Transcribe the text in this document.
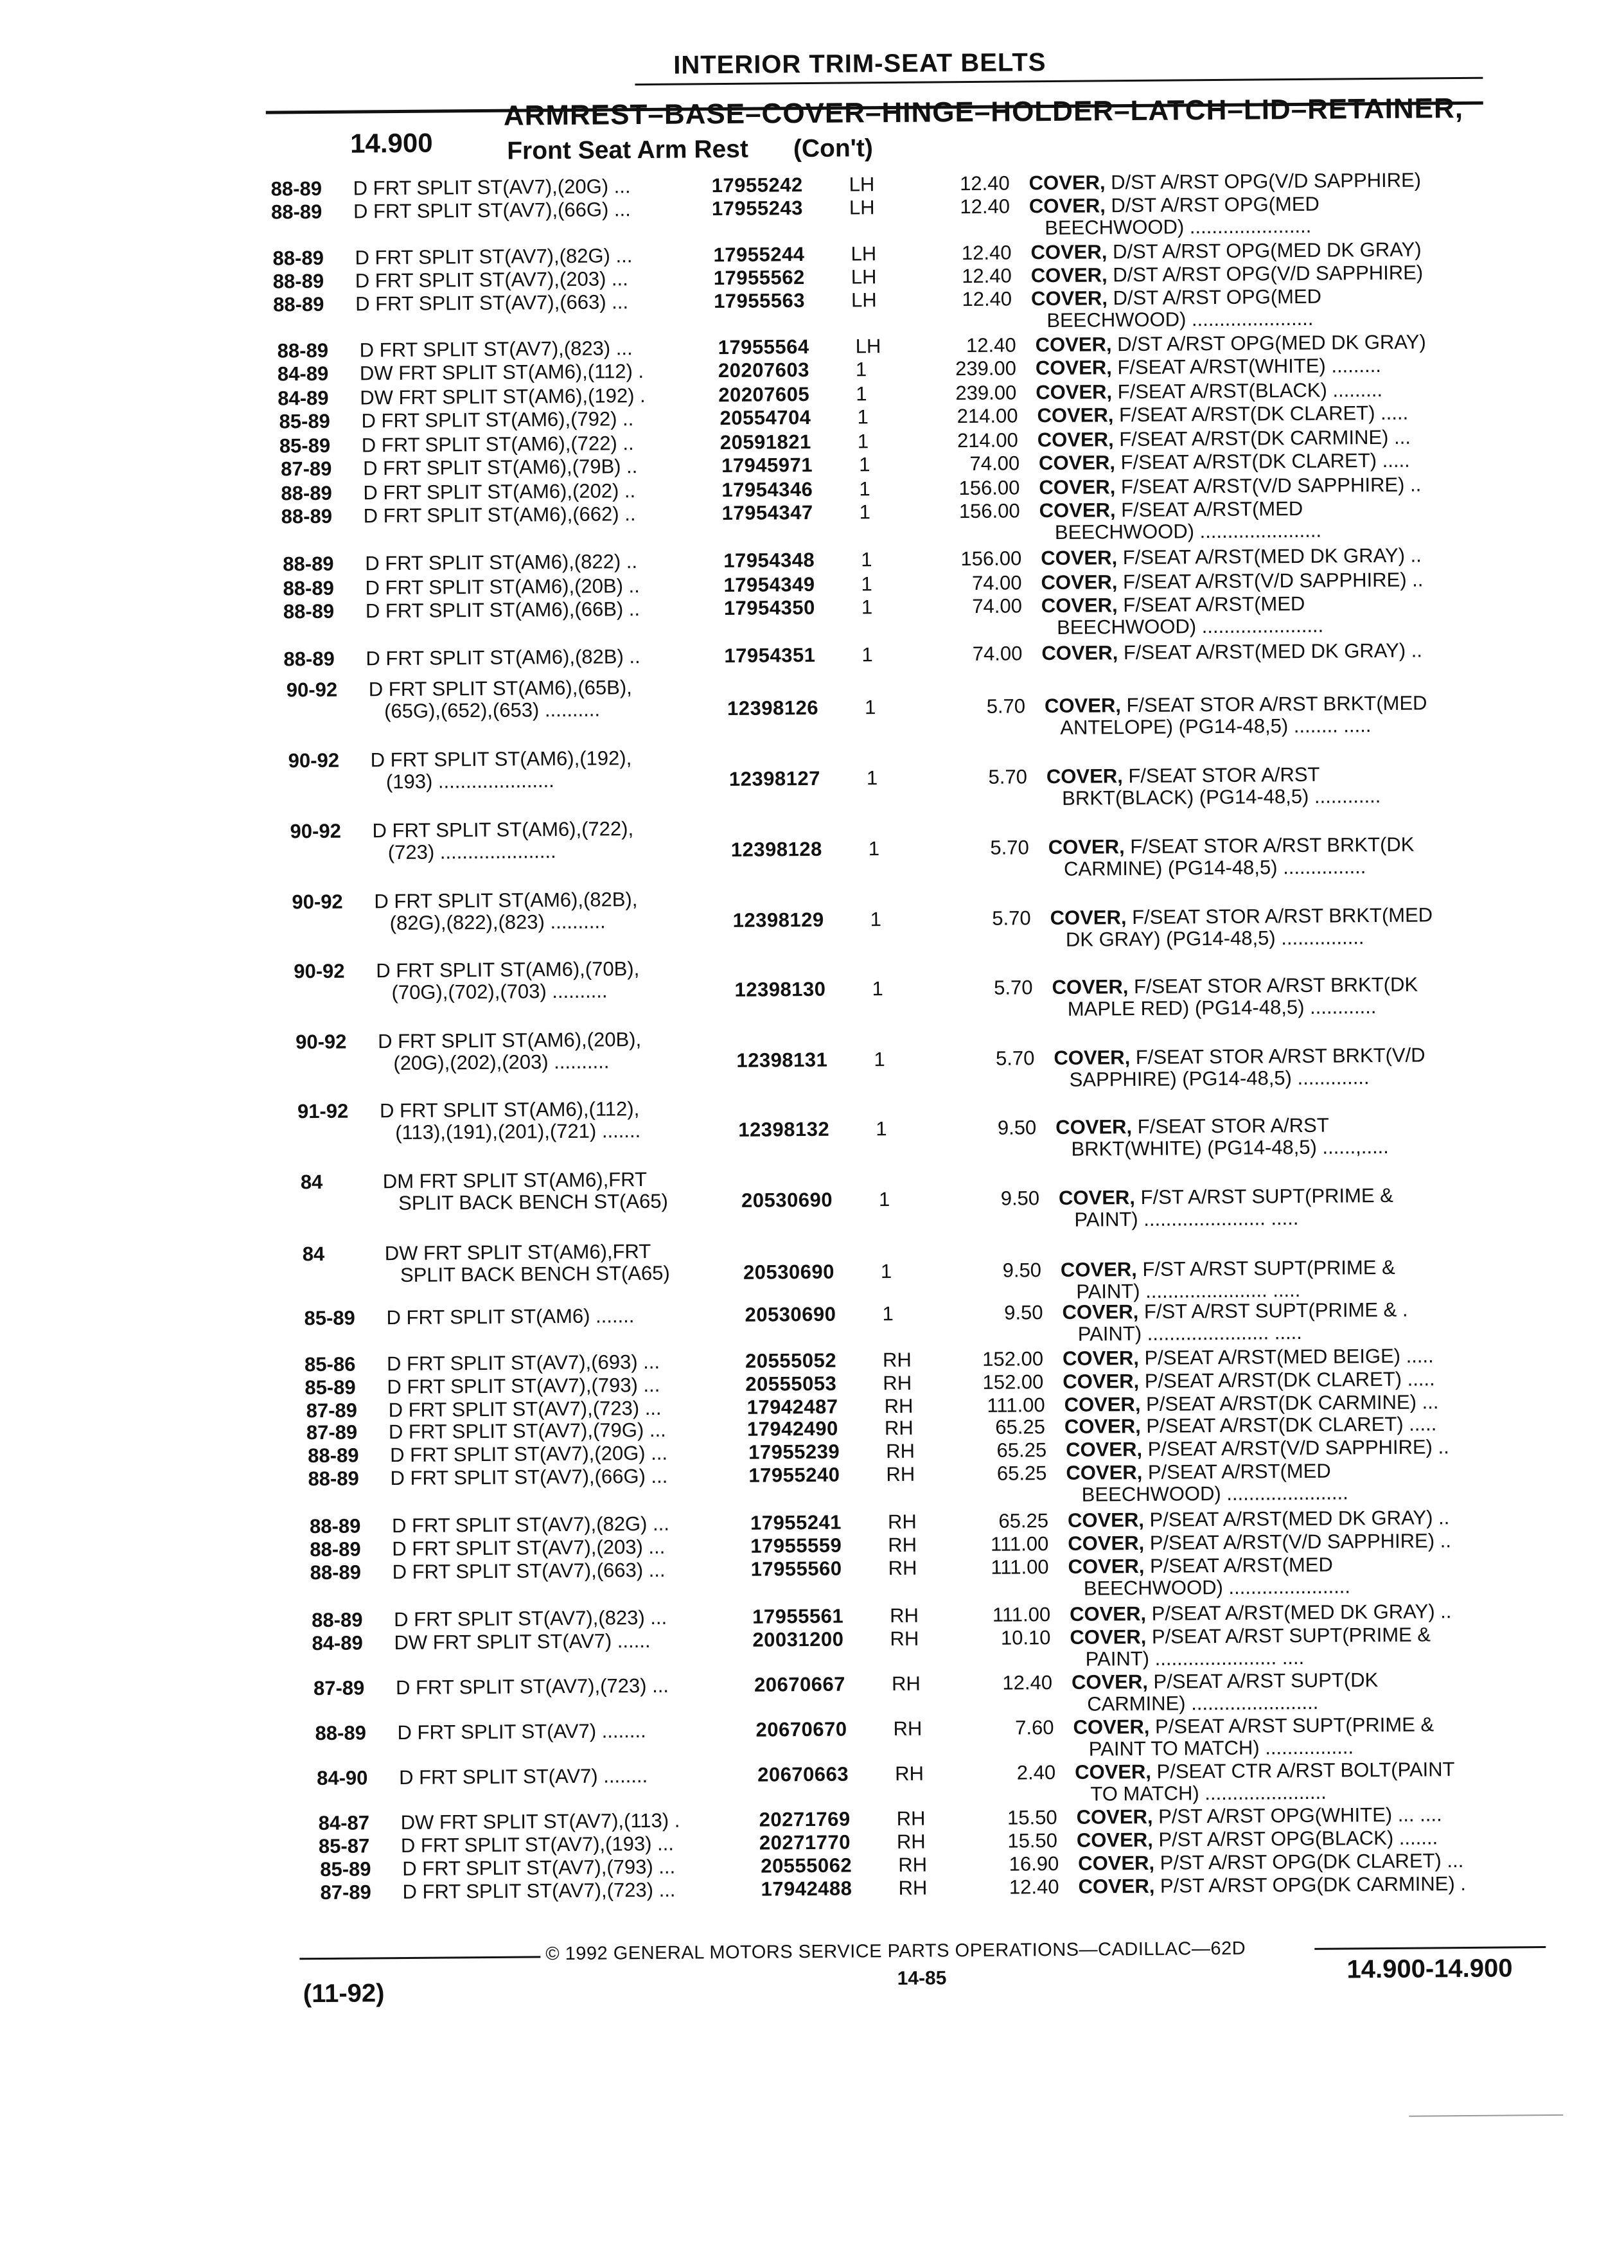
INTERIOR TRIM-SEAT BELTS
14.900
ARMREST–BASE–COVER–HINGE–HOLDER–LATCH–LID–RETAINER,
Front Seat Arm Rest (Con't)
88-89	D FRT SPLIT ST(AV7),(20G) ...	17955242	LH	12.40 COVER, D/ST A/RST OPG(V/D SAPPHIRE)
88-89	D FRT SPLIT ST(AV7),(66G) ...	17955243	LH	12.40 COVER, D/ST A/RST OPG(MED
BEECHWOOD) ......................
88-89	D FRT SPLIT ST(AV7),(82G) ...	17955244	LH	12.40 COVER, D/ST A/RST OPG(MED DK GRAY)
88-89	D FRT SPLIT ST(AV7),(203) ...	17955562	LH	12.40 COVER, D/ST A/RST OPG(V/D SAPPHIRE)
88-89	D FRT SPLIT ST(AV7),(663) ...	17955563	LH	12.40 COVER, D/ST A/RST OPG(MED
BEECHWOOD) ......................
88-89	D FRT SPLIT ST(AV7),(823) ...	17955564	LH	12.40 COVER, D/ST A/RST OPG(MED DK GRAY)
84-89	DW FRT SPLIT ST(AM6),(112) .	20207603	1	239.00 COVER, F/SEAT A/RST(WHITE) .........
84-89	DW FRT SPLIT ST(AM6),(192) .	20207605	1	239.00 COVER, F/SEAT A/RST(BLACK) .........
85-89	D FRT SPLIT ST(AM6),(792) ..	20554704	1	214.00 COVER, F/SEAT A/RST(DK CLARET) .....
85-89	D FRT SPLIT ST(AM6),(722) ..	20591821	1	214.00 COVER, F/SEAT A/RST(DK CARMINE) ...
87-89	D FRT SPLIT ST(AM6),(79B) ..	17945971	1	74.00 COVER, F/SEAT A/RST(DK CLARET) .....
88-89	D FRT SPLIT ST(AM6),(202) ..	17954346	1	156.00 COVER, F/SEAT A/RST(V/D SAPPHIRE) ..
88-89	D FRT SPLIT ST(AM6),(662) ..	17954347	1	156.00 COVER, F/SEAT A/RST(MED
BEECHWOOD) ......................
88-89	D FRT SPLIT ST(AM6),(822) ..	17954348	1	156.00 COVER, F/SEAT A/RST(MED DK GRAY) ..
88-89	D FRT SPLIT ST(AM6),(20B) ..	17954349	1	74.00 COVER, F/SEAT A/RST(V/D SAPPHIRE) ..
88-89	D FRT SPLIT ST(AM6),(66B) ..	17954350	1	74.00 COVER, F/SEAT A/RST(MED
BEECHWOOD) ......................
88-89	D FRT SPLIT ST(AM6),(82B) ..	17954351	1	74.00 COVER, F/SEAT A/RST(MED DK GRAY) ..
90-92	D FRT SPLIT ST(AM6),(65B),
(65G),(652),(653) ..........	12398126	1	5.70 COVER, F/SEAT STOR A/RST BRKT(MED
ANTELOPE) (PG14-48,5) ........ .....
90-92	D FRT SPLIT ST(AM6),(192),
(193) .....................	12398127	1	5.70 COVER, F/SEAT STOR A/RST
BRKT(BLACK) (PG14-48,5) ............
90-92	D FRT SPLIT ST(AM6),(722),
(723) .....................	12398128	1	5.70 COVER, F/SEAT STOR A/RST BRKT(DK
CARMINE) (PG14-48,5) ...............
90-92	D FRT SPLIT ST(AM6),(82B),
(82G),(822),(823) ..........	12398129	1	5.70 COVER, F/SEAT STOR A/RST BRKT(MED
DK GRAY) (PG14-48,5) ...............
90-92	D FRT SPLIT ST(AM6),(70B),
(70G),(702),(703) ..........	12398130	1	5.70 COVER, F/SEAT STOR A/RST BRKT(DK
MAPLE RED) (PG14-48,5) ............
90-92	D FRT SPLIT ST(AM6),(20B),
(20G),(202),(203) ..........	12398131	1	5.70 COVER, F/SEAT STOR A/RST BRKT(V/D
SAPPHIRE) (PG14-48,5) .............
91-92	D FRT SPLIT ST(AM6),(112),
(113),(191),(201),(721) .......	12398132	1	9.50 COVER, F/SEAT STOR A/RST
BRKT(WHITE) (PG14-48,5) ......,.....
84	DM FRT SPLIT ST(AM6),FRT
SPLIT BACK BENCH ST(A65)	20530690	1	9.50 COVER, F/ST A/RST SUPT(PRIME &
PAINT) ...................... .....
84	DW FRT SPLIT ST(AM6),FRT
SPLIT BACK BENCH ST(A65)	20530690	1	9.50 COVER, F/ST A/RST SUPT(PRIME &
PAINT) ...................... .....
85-89	D FRT SPLIT ST(AM6) .......	20530690	1	9.50 COVER, F/ST A/RST SUPT(PRIME & .
PAINT) ...................... .....
85-86	D FRT SPLIT ST(AV7),(693) ...	20555052	RH	152.00 COVER, P/SEAT A/RST(MED BEIGE) .....
85-89	D FRT SPLIT ST(AV7),(793) ...	20555053	RH	152.00 COVER, P/SEAT A/RST(DK CLARET) .....
87-89	D FRT SPLIT ST(AV7),(723) ...	17942487	RH	111.00 COVER, P/SEAT A/RST(DK CARMINE) ...
87-89	D FRT SPLIT ST(AV7),(79G) ...	17942490	RH	65.25 COVER, P/SEAT A/RST(DK CLARET) .....
88-89	D FRT SPLIT ST(AV7),(20G) ...	17955239	RH	65.25 COVER, P/SEAT A/RST(V/D SAPPHIRE) ..
88-89	D FRT SPLIT ST(AV7),(66G) ...	17955240	RH	65.25 COVER, P/SEAT A/RST(MED
BEECHWOOD) ......................
88-89	D FRT SPLIT ST(AV7),(82G) ...	17955241	RH	65.25 COVER, P/SEAT A/RST(MED DK GRAY) ..
88-89	D FRT SPLIT ST(AV7),(203) ...	17955559	RH	111.00 COVER, P/SEAT A/RST(V/D SAPPHIRE) ..
88-89	D FRT SPLIT ST(AV7),(663) ...	17955560	RH	111.00 COVER, P/SEAT A/RST(MED
BEECHWOOD) ......................
88-89	D FRT SPLIT ST(AV7),(823) ...	17955561	RH	111.00 COVER, P/SEAT A/RST(MED DK GRAY) ..
84-89	DW FRT SPLIT ST(AV7) ......	20031200	RH	10.10 COVER, P/SEAT A/RST SUPT(PRIME &
PAINT) ...................... ....
87-89	D FRT SPLIT ST(AV7),(723) ...	20670667	RH	12.40 COVER, P/SEAT A/RST SUPT(DK
CARMINE) .......................
88-89	D FRT SPLIT ST(AV7) ........	20670670	RH	7.60 COVER, P/SEAT A/RST SUPT(PRIME &
PAINT TO MATCH) ................
84-90	D FRT SPLIT ST(AV7) ........	20670663	RH	2.40 COVER, P/SEAT CTR A/RST BOLT(PAINT
TO MATCH) ......................
84-87	DW FRT SPLIT ST(AV7),(113) .	20271769	RH	15.50 COVER, P/ST A/RST OPG(WHITE) ... ....
85-87	D FRT SPLIT ST(AV7),(193) ...	20271770	RH	15.50 COVER, P/ST A/RST OPG(BLACK) .......
85-89	D FRT SPLIT ST(AV7),(793) ...	20555062	RH	16.90 COVER, P/ST A/RST OPG(DK CLARET) ...
87-89	D FRT SPLIT ST(AV7),(723) ...	17942488	RH	12.40 COVER, P/ST A/RST OPG(DK CARMINE) .
© 1992 GENERAL MOTORS SERVICE PARTS OPERATIONS—CADILLAC—62D
(11-92)
14-85	14.900-14.900
